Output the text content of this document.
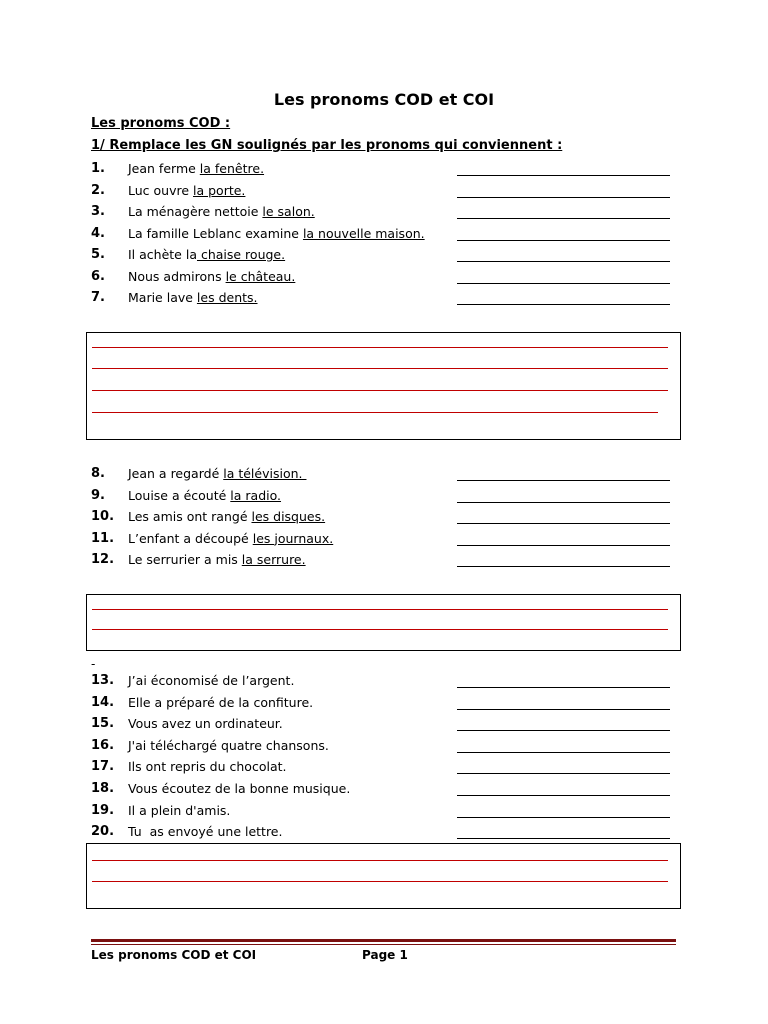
Les pronoms COD et COI
Les pronoms COD :
1/ Remplace les GN soulignés par les pronoms qui conviennent :
1. Jean ferme la fenêtre.
2. Luc ouvre la porte.
3. La ménagère nettoie le salon.
4. La famille Leblanc examine la nouvelle maison.
5. Il achète la chaise rouge.
6. Nous admirons le château.
7. Marie lave les dents.
8. Jean a regardé la télévision.
9. Louise a écouté la radio.
10. Les amis ont rangé les disques.
11. L’enfant a découpé les journaux.
12. Le serrurier a mis la serrure.
-
13. J’ai économisé de l’argent.
14. Elle a préparé de la confiture.
15. Vous avez un ordinateur.
16. J'ai téléchargé quatre chansons.
17. Ils ont repris du chocolat.
18. Vous écoutez de la bonne musique.
19. Il a plein d'amis.
20. Tu  as envoyé une lettre.
Les pronoms COD et COI	Page 1
